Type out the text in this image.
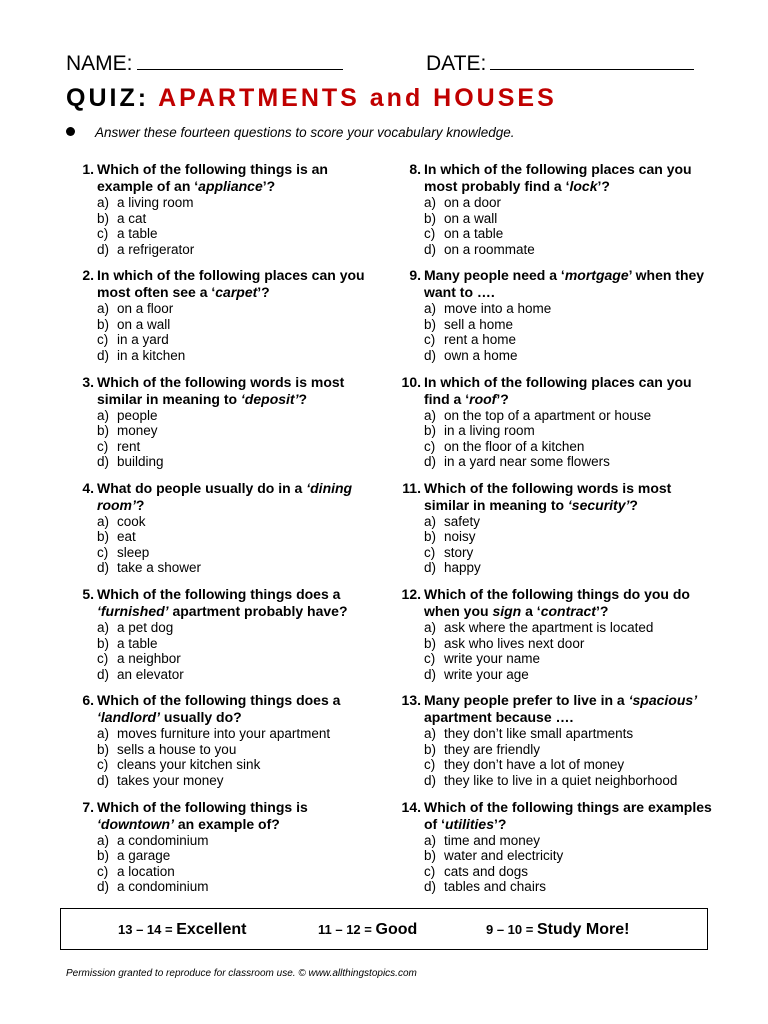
NAME:	DATE:
QUIZ: APARTMENTS and HOUSES
Answer these fourteen questions to score your vocabulary knowledge.
1. Which of the following things is an example of an ‘appliance’?
a) a living room
b) a cat
c) a table
d) a refrigerator
2. In which of the following places can you most often see a ‘carpet’?
a) on a floor
b) on a wall
c) in a yard
d) in a kitchen
3. Which of the following words is most similar in meaning to ‘deposit’?
a) people
b) money
c) rent
d) building
4. What do people usually do in a ‘dining room’?
a) cook
b) eat
c) sleep
d) take a shower
5. Which of the following things does a ‘furnished’ apartment probably have?
a) a pet dog
b) a table
c) a neighbor
d) an elevator
6. Which of the following things does a ‘landlord’ usually do?
a) moves furniture into your apartment
b) sells a house to you
c) cleans your kitchen sink
d) takes your money
7. Which of the following things is ‘downtown’ an example of?
a) a condominium
b) a garage
c) a location
d) a condominium
8. In which of the following places can you most probably find a ‘lock’?
a) on a door
b) on a wall
c) on a table
d) on a roommate
9. Many people need a ‘mortgage’ when they want to ….
a) move into a home
b) sell a home
c) rent a home
d) own a home
10. In which of the following places can you find a ‘roof’?
a) on the top of a apartment or house
b) in a living room
c) on the floor of a kitchen
d) in a yard near some flowers
11. Which of the following words is most similar in meaning to ‘security’?
a) safety
b) noisy
c) story
d) happy
12. Which of the following things do you do when you sign a ‘contract’?
a) ask where the apartment is located
b) ask who lives next door
c) write your name
d) write your age
13. Many people prefer to live in a ‘spacious’ apartment because ….
a) they don’t like small apartments
b) they are friendly
c) they don’t have a lot of money
d) they like to live in a quiet neighborhood
14. Which of the following things are examples of ‘utilities’?
a) time and money
b) water and electricity
c) cats and dogs
d) tables and chairs
13 – 14 = Excellent	11 – 12 = Good	9 – 10 = Study More!
Permission granted to reproduce for classroom use. © www.allthingstopics.com
